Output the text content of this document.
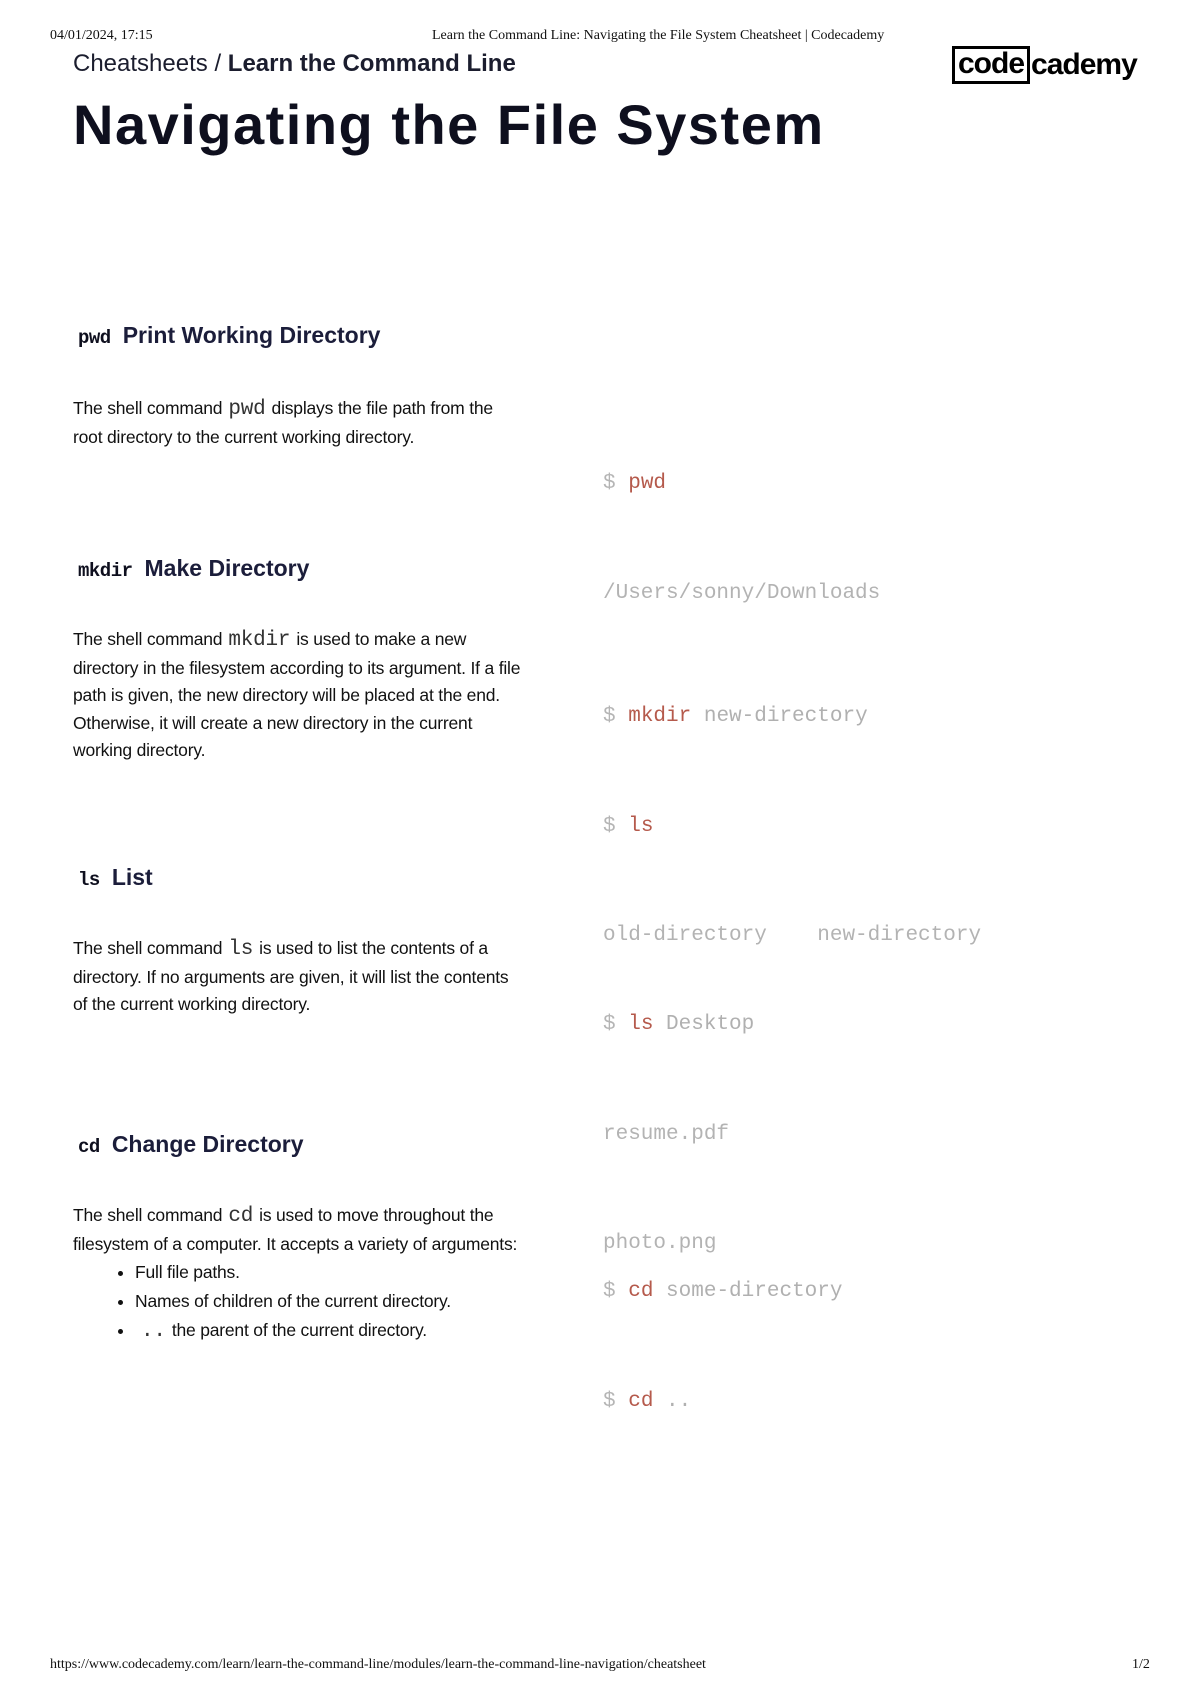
04/01/2024, 17:15	Learn the Command Line: Navigating the File System Cheatsheet | Codecademy
Cheatsheets / Learn the Command Line	code cademy
Navigating the File System
pwd Print Working Directory
The shell command pwd displays the file path from the root directory to the current working directory.

$ pwd

/Users/sonny/Downloads

mkdir Make Directory
The shell command mkdir is used to make a new directory in the filesystem according to its argument. If a file path is given, the new directory will be placed at the end. Otherwise, it will create a new directory in the current working directory.

$ mkdir new-directory

$ ls

old-directory    new-directory

ls List
The shell command ls is used to list the contents of a directory. If no arguments are given, it will list the contents of the current working directory.

$ ls Desktop

resume.pdf

photo.png

cd Change Directory
The shell command cd is used to move throughout the filesystem of a computer. It accepts a variety of arguments:
• Full file paths.
• Names of children of the current directory.
• .. the parent of the current directory.

$ cd some-directory

$ cd ..

https://www.codecademy.com/learn/learn-the-command-line/modules/learn-the-command-line-navigation/cheatsheet	1/2
